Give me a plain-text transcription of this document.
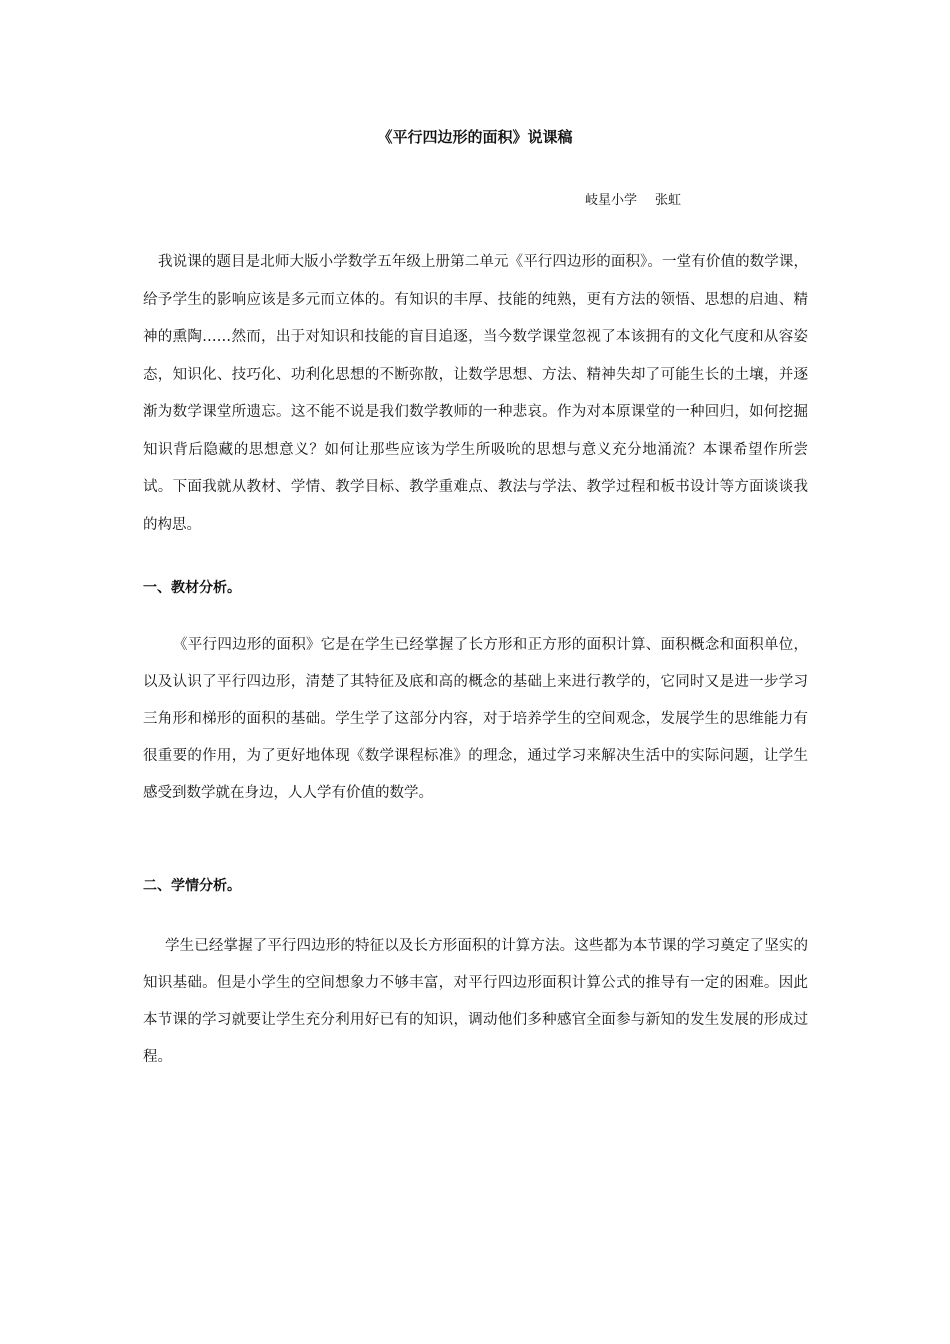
《平行四边形的面积》说课稿
岐星小学 张虹

我说课的题目是北师大版小学数学五年级上册第二单元《平行四边形的面积》。一堂有价值的数学课，给予学生的影响应该是多元而立体的。有知识的丰厚、技能的纯熟，更有方法的领悟、思想的启迪、精神的熏陶……然而，出于对知识和技能的盲目追逐，当今数学课堂忽视了本该拥有的文化气度和从容姿态，知识化、技巧化、功利化思想的不断弥散，让数学思想、方法、精神失却了可能生长的土壤，并逐渐为数学课堂所遗忘。这不能不说是我们数学教师的一种悲哀。作为对本原课堂的一种回归，如何挖掘知识背后隐藏的思想意义？如何让那些应该为学生所吸吮的思想与意义充分地涌流？本课希望作所尝试。下面我就从教材、学情、教学目标、教学重难点、教法与学法、教学过程和板书设计等方面谈谈我的构思。

一、教材分析。

《平行四边形的面积》它是在学生已经掌握了长方形和正方形的面积计算、面积概念和面积单位，以及认识了平行四边形，清楚了其特征及底和高的概念的基础上来进行教学的，它同时又是进一步学习三角形和梯形的面积的基础。学生学了这部分内容，对于培养学生的空间观念，发展学生的思维能力有很重要的作用，为了更好地体现《数学课程标准》的理念，通过学习来解决生活中的实际问题，让学生感受到数学就在身边，人人学有价值的数学。

二、学情分析。

学生已经掌握了平行四边形的特征以及长方形面积的计算方法。这些都为本节课的学习奠定了坚实的知识基础。但是小学生的空间想象力不够丰富，对平行四边形面积计算公式的推导有一定的困难。因此本节课的学习就要让学生充分利用好已有的知识，调动他们多种感官全面参与新知的发生发展的形成过程。
